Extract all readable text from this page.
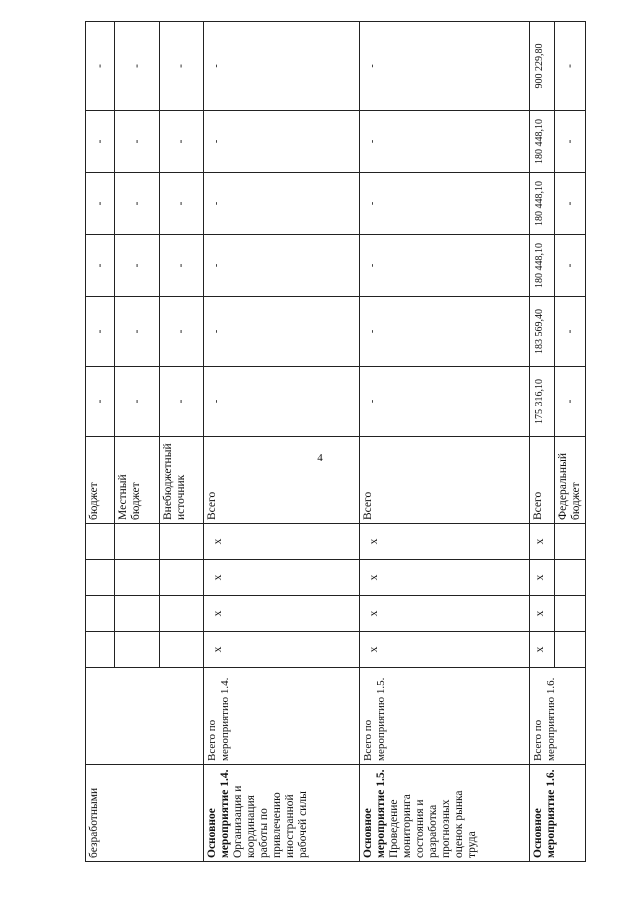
4
безработными						бюджет	-	-	-	-	-	-
						Местный бюджет	-	-	-	-	-	-
						Внебюджетный источник	-	-	-	-	-	-

Основное мероприятие 1.4. Организация и координация работы по привлечению иностранной рабочей силы	Всего по мероприятию 1.4.	х	х	х	х	Всего	-	-	-	-	-	-

Основное мероприятие 1.5. Проведение мониторинга состояния и разработка прогнозных оценок рынка труда	Всего по мероприятию 1.5.	х	х	х	х	Всего	-	-	-	-	-	-

Основное мероприятие 1.6.	Всего по мероприятию 1.6.	х	х	х	х	Всего	175 316,10	183 569,40	180 448,10	180 448,10	180 448,10	900 229,80
						Федеральный бюджет	-	-	-	-	-	-
